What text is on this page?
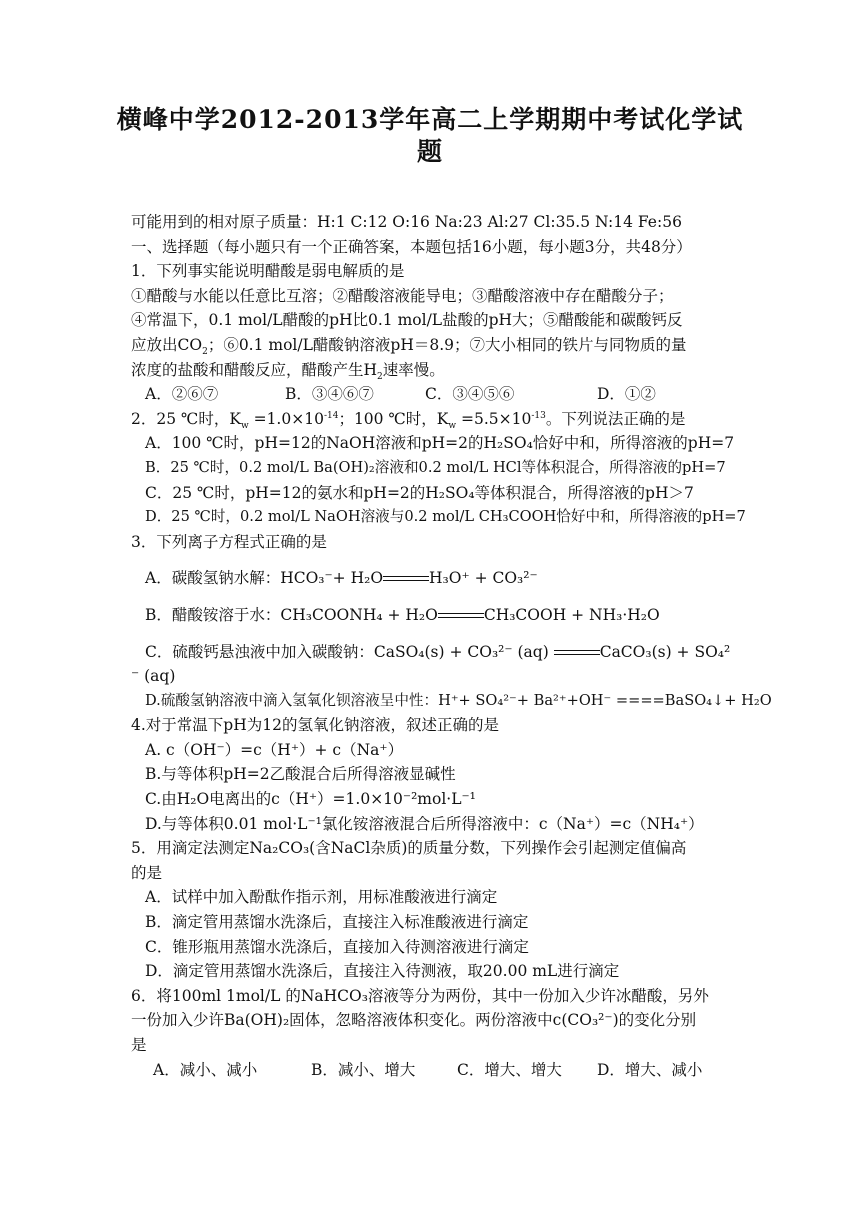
横峰中学2012-2013学年高二上学期期中考试化学试
题
可能用到的相对原子质量：H:1 C:12 O:16 Na:23 Al:27 Cl:35.5 N:14 Fe:56
一、选择题（每小题只有一个正确答案，本题包括16小题，每小题3分，共48分）
1．下列事实能说明醋酸是弱电解质的是
①醋酸与水能以任意比互溶；②醋酸溶液能导电；③醋酸溶液中存在醋酸分子；
④常温下，0.1 mol/L醋酸的pH比0.1 mol/L盐酸的pH大；⑤醋酸能和碳酸钙反
应放出$CO_2$；⑥0.1 mol/L醋酸钠溶液pH＝8.9；⑦大小相同的铁片与同物质的量
浓度的盐酸和醋酸反应，醋酸产生$H_2$速率慢。
A．②⑥⑦	B．③④⑥⑦	C．③④⑤⑥	D．①②
2．25 ℃时，$K_w =1.0\times 10^{-14}$；100 ℃时，$K_w =5.5\times 10^{-13}$。下列说法正确的是
A．100 ℃时，pH=12的NaOH溶液和pH=2的H₂SO₄恰好中和，所得溶液的pH=7
B．25 ℃时，0.2 mol/L Ba(OH)₂溶液和0.2 mol/L HCl等体积混合，所得溶液的pH=7
C．25 ℃时，pH=12的氨水和pH=2的H₂SO₄等体积混合，所得溶液的pH＞7
D．25 ℃时，0.2 mol/L NaOH溶液与0.2 mol/L CH₃COOH恰好中和，所得溶液的pH=7
3．下列离子方程式正确的是
A．碳酸氢钠水解：HCO₃⁻+ H₂O	H₃O⁺ + CO₃²⁻
B．醋酸铵溶于水：CH₃COONH₄ + H₂O	CH₃COOH + NH₃·H₂O
C．硫酸钙悬浊液中加入碳酸钠：CaSO₄(s) + CO₃²⁻ (aq)	CaCO₃(s) + SO₄²
⁻ (aq)
D.硫酸氢钠溶液中滴入氢氧化钡溶液呈中性：H⁺+ SO₄²⁻+ Ba²⁺+OH⁻ ====BaSO₄↓+ H₂O
4.对于常温下pH为12的氢氧化钠溶液，叙述正确的是
A. c（OH⁻）=c（H⁺）+ c（Na⁺）
B.与等体积pH=2乙酸混合后所得溶液显碱性
C.由H₂O电离出的c（H⁺）=1.0×10⁻²mol·L⁻¹
D.与等体积0.01 mol·L⁻¹氯化铵溶液混合后所得溶液中：c（Na⁺）=c（NH₄⁺）
5．用滴定法测定Na₂CO₃(含NaCl杂质)的质量分数，下列操作会引起测定值偏高
的是
A．试样中加入酚酞作指示剂，用标准酸液进行滴定
B．滴定管用蒸馏水洗涤后，直接注入标准酸液进行滴定
C．锥形瓶用蒸馏水洗涤后，直接加入待测溶液进行滴定
D．滴定管用蒸馏水洗涤后，直接注入待测液，取20.00 mL进行滴定
6．将100ml 1mol/L 的NaHCO₃溶液等分为两份，其中一份加入少许冰醋酸，另外
一份加入少许Ba(OH)₂固体，忽略溶液体积变化。两份溶液中c(CO₃²⁻)的变化分别
是
A．减小、减小	B．减小、增大	C．增大、增大	D．增大、减小
